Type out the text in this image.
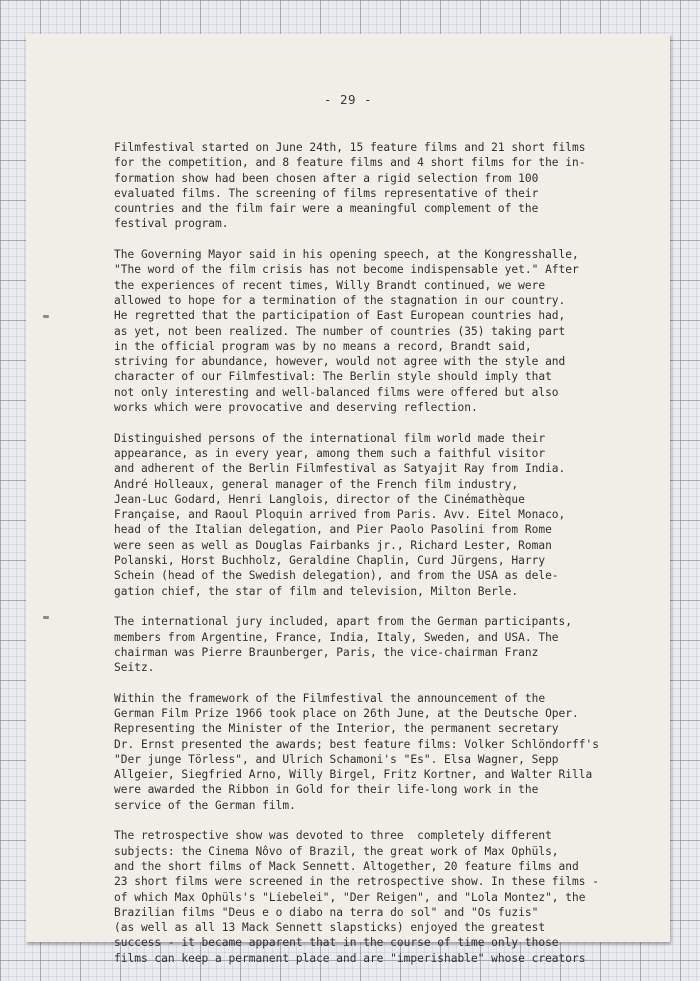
- 29 -

Filmfestival started on June 24th, 15 feature films and 21 short films
for the competition, and 8 feature films and 4 short films for the in-
formation show had been chosen after a rigid selection from 100
evaluated films. The screening of films representative of their
countries and the film fair were a meaningful complement of the
festival program.

The Governing Mayor said in his opening speech, at the Kongresshalle,
"The word of the film crisis has not become indispensable yet." After
the experiences of recent times, Willy Brandt continued, we were
allowed to hope for a termination of the stagnation in our country.
He regretted that the participation of East European countries had,
as yet, not been realized. The number of countries (35) taking part
in the official program was by no means a record, Brandt said,
striving for abundance, however, would not agree with the style and
character of our Filmfestival: The Berlin style should imply that
not only interesting and well-balanced films were offered but also
works which were provocative and deserving reflection.

Distinguished persons of the international film world made their
appearance, as in every year, among them such a faithful visitor
and adherent of the Berlin Filmfestival as Satyajit Ray from India.
André Holleaux, general manager of the French film industry,
Jean-Luc Godard, Henri Langlois, director of the Cinémathèque
Française, and Raoul Ploquin arrived from Paris. Avv. Eitel Monaco,
head of the Italian delegation, and Pier Paolo Pasolini from Rome
were seen as well as Douglas Fairbanks jr., Richard Lester, Roman
Polanski, Horst Buchholz, Geraldine Chaplin, Curd Jürgens, Harry
Schein (head of the Swedish delegation), and from the USA as dele-
gation chief, the star of film and television, Milton Berle.

The international jury included, apart from the German participants,
members from Argentine, France, India, Italy, Sweden, and USA. The
chairman was Pierre Braunberger, Paris, the vice-chairman Franz
Seitz.

Within the framework of the Filmfestival the announcement of the
German Film Prize 1966 took place on 26th June, at the Deutsche Oper.
Representing the Minister of the Interior, the permanent secretary
Dr. Ernst presented the awards; best feature films: Volker Schlöndorff's
"Der junge Törless", and Ulrich Schamoni's "Es". Elsa Wagner, Sepp
Allgeier, Siegfried Arno, Willy Birgel, Fritz Kortner, and Walter Rilla
were awarded the Ribbon in Gold for their life-long work in the
service of the German film.

The retrospective show was devoted to three  completely different
subjects: the Cinema Nôvo of Brazil, the great work of Max Ophüls,
and the short films of Mack Sennett. Altogether, 20 feature films and
23 short films were screened in the retrospective show. In these films -
of which Max Ophüls's "Liebelei", "Der Reigen", and "Lola Montez", the
Brazilian films "Deus e o diabo na terra do sol" and "Os fuzis"
(as well as all 13 Mack Sennett slapsticks) enjoyed the greatest
success - it became apparent that in the course of time only those
films can keep a permanent place and are "imperishable" whose creators
